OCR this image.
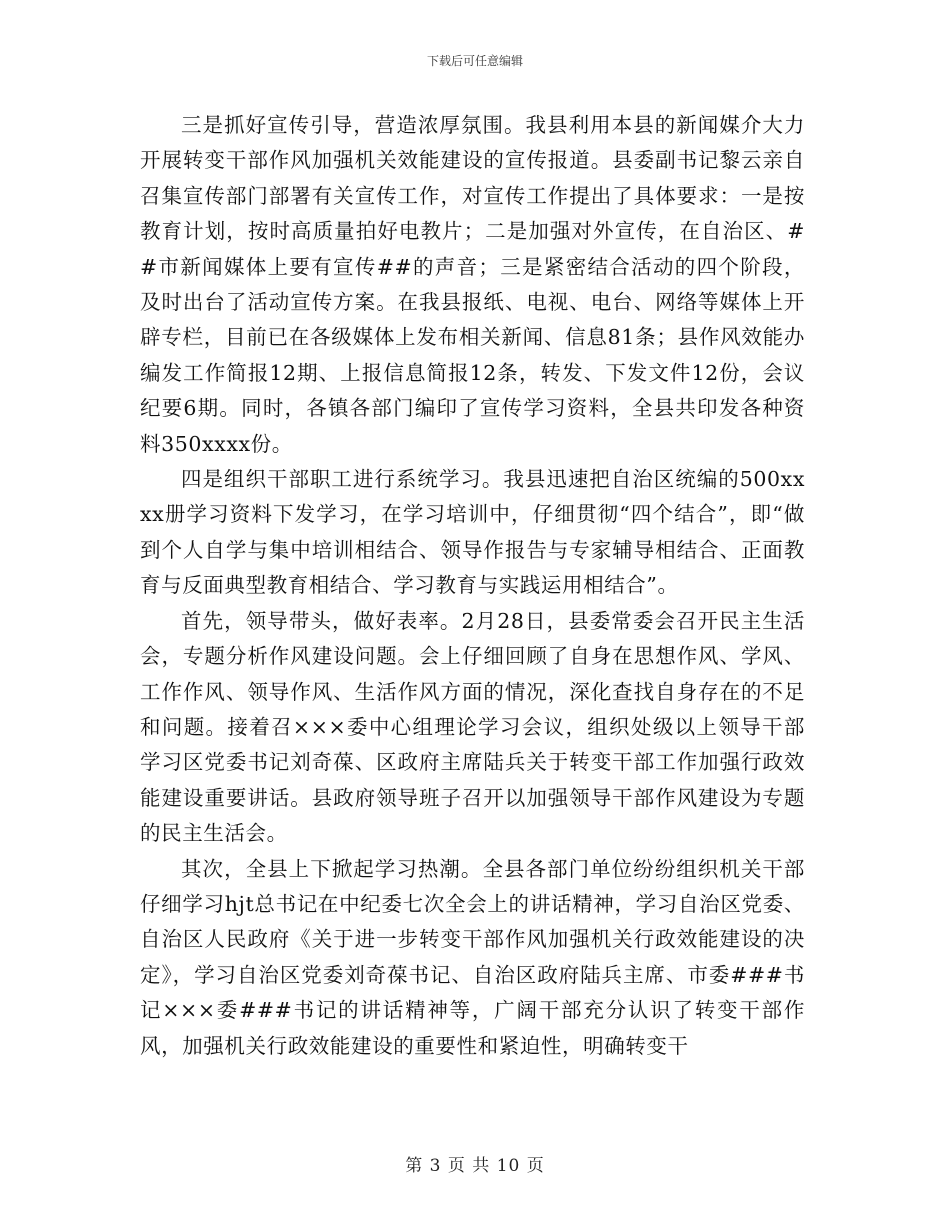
下载后可任意编辑

三是抓好宣传引导，营造浓厚氛围。我县利用本县的新闻媒介大力开展转变干部作风加强机关效能建设的宣传报道。县委副书记黎云亲自召集宣传部门部署有关宣传工作，对宣传工作提出了具体要求：一是按教育计划，按时高质量拍好电教片；二是加强对外宣传，在自治区、##市新闻媒体上要有宣传##的声音；三是紧密结合活动的四个阶段，及时出台了活动宣传方案。在我县报纸、电视、电台、网络等媒体上开辟专栏，目前已在各级媒体上发布相关新闻、信息81条；县作风效能办编发工作简报12期、上报信息简报12条，转发、下发文件12份，会议纪要6期。同时，各镇各部门编印了宣传学习资料，全县共印发各种资料350xxxx份。

四是组织干部职工进行系统学习。我县迅速把自治区统编的500xxxx册学习资料下发学习，在学习培训中，仔细贯彻“四个结合”，即“做到个人自学与集中培训相结合、领导作报告与专家辅导相结合、正面教育与反面典型教育相结合、学习教育与实践运用相结合”。

首先，领导带头，做好表率。2月28日，县委常委会召开民主生活会，专题分析作风建设问题。会上仔细回顾了自身在思想作风、学风、工作作风、领导作风、生活作风方面的情况，深化查找自身存在的不足和问题。接着召×××委中心组理论学习会议，组织处级以上领导干部学习区党委书记刘奇葆、区政府主席陆兵关于转变干部工作加强行政效能建设重要讲话。县政府领导班子召开以加强领导干部作风建设为专题的民主生活会。

其次，全县上下掀起学习热潮。全县各部门单位纷纷组织机关干部仔细学习hjt总书记在中纪委七次全会上的讲话精神，学习自治区党委、自治区人民政府《关于进一步转变干部作风加强机关行政效能建设的决定》，学习自治区党委刘奇葆书记、自治区政府陆兵主席、市委###书记×××委###书记的讲话精神等，广阔干部充分认识了转变干部作风，加强机关行政效能建设的重要性和紧迫性，明确转变干

第 3 页 共 10 页
